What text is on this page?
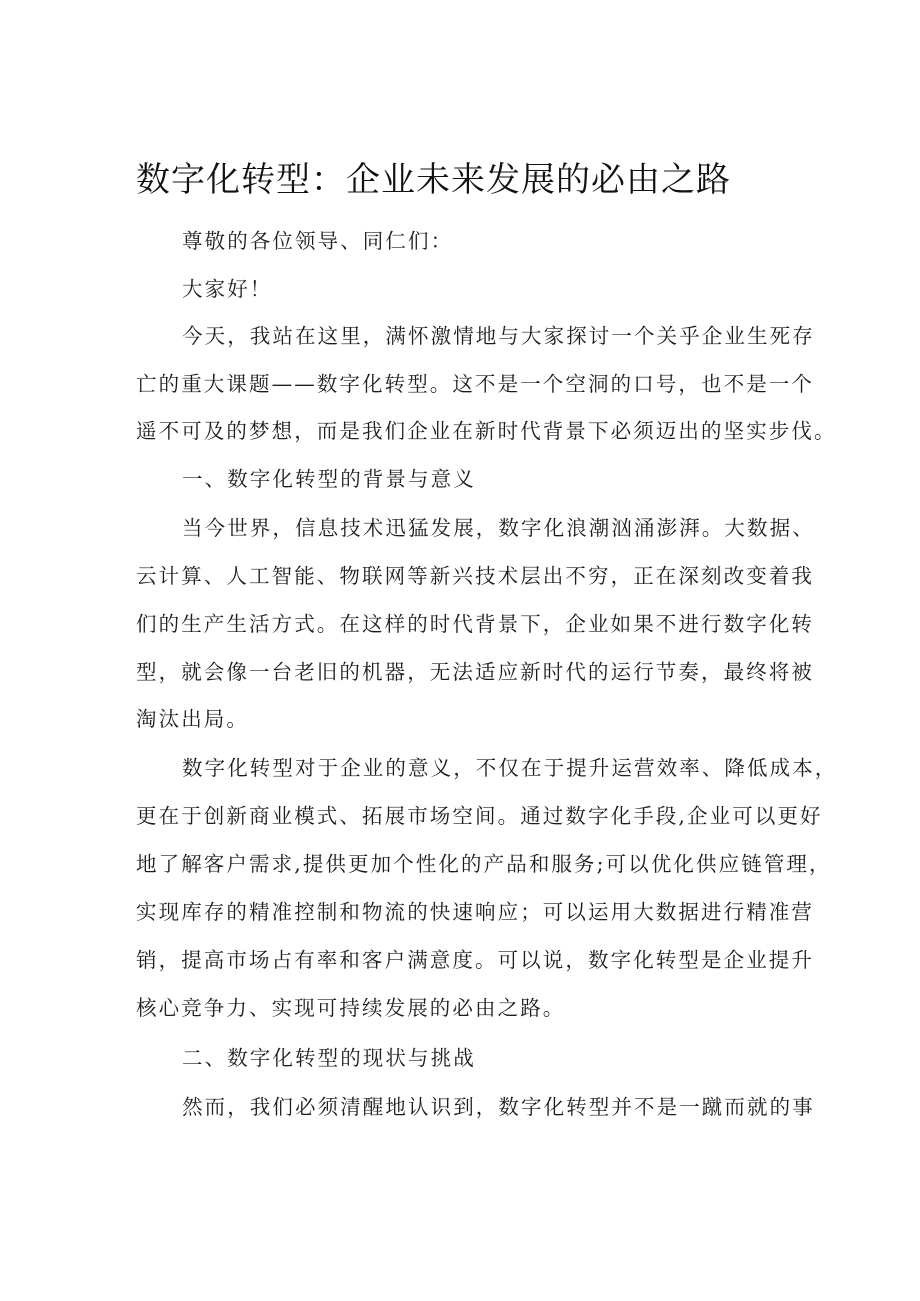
数字化转型：企业未来发展的必由之路

尊敬的各位领导、同仁们：

大家好！

今天，我站在这里，满怀激情地与大家探讨一个关乎企业生死存

亡的重大课题——数字化转型。这不是一个空洞的口号，也不是一个

遥不可及的梦想，而是我们企业在新时代背景下必须迈出的坚实步伐。

一、数字化转型的背景与意义

当今世界，信息技术迅猛发展，数字化浪潮汹涌澎湃。大数据、

云计算、人工智能、物联网等新兴技术层出不穷，正在深刻改变着我

们的生产生活方式。在这样的时代背景下，企业如果不进行数字化转

型，就会像一台老旧的机器，无法适应新时代的运行节奏，最终将被

淘汰出局。

数字化转型对于企业的意义，不仅在于提升运营效率、降低成本，

更在于创新商业模式、拓展市场空间。通过数字化手段,企业可以更好

地了解客户需求,提供更加个性化的产品和服务;可以优化供应链管理，

实现库存的精准控制和物流的快速响应；可以运用大数据进行精准营

销，提高市场占有率和客户满意度。可以说，数字化转型是企业提升

核心竞争力、实现可持续发展的必由之路。

二、数字化转型的现状与挑战

然而，我们必须清醒地认识到，数字化转型并不是一蹴而就的事
